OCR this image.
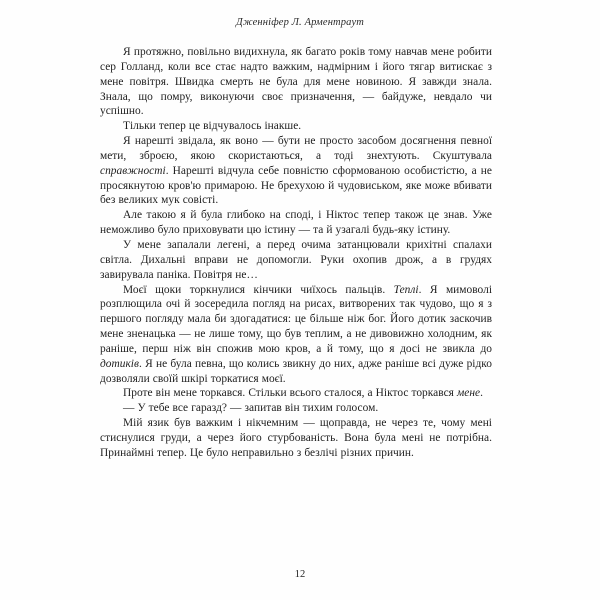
Дженніфер Л. Арментраут

Я протяжно, повільно видихнула, як багато років тому навчав мене робити сер Голланд, коли все стає надто важким, надмірним і його тягар витискає з мене повітря. Швидка смерть не була для мене новиною. Я завжди знала. Знала, що помру, виконуючи своє призначення, — байдуже, невдало чи успішно.

Тільки тепер це відчувалось інакше.

Я нарешті звідала, як воно — бути не просто засобом досягнення певної мети, зброєю, якою скористаються, а тоді знехтують. Скуштувала справжності. Нарешті відчула себе повністю сформованою особистістю, а не просякнутою кров'ю примарою. Не брехухою й чудовиськом, яке може вбивати без великих мук совісті.

Але такою я й була глибоко на споді, і Ніктос тепер також це знав. Уже неможливо було приховувати цю істину — та й узагалі будь-яку істину.

У мене запалали легені, а перед очима затанцювали крихітні спалахи світла. Дихальні вправи не допомогли. Руки охопив дрож, а в грудях завирувала паніка. Повітря не…

Моєї щоки торкнулися кінчики чиїхось пальців. Теплі. Я мимоволі розплющила очі й зосередила погляд на рисах, витворених так чудово, що я з першого погляду мала би здогадатися: це більше ніж бог. Його дотик заскочив мене зненацька — не лише тому, що був теплим, а не дивовижно холодним, як раніше, перш ніж він спожив мою кров, а й тому, що я досі не звикла до дотиків. Я не була певна, що колись звикну до них, адже раніше всі дуже рідко дозволяли своїй шкірі торкатися моєї.

Проте він мене торкався. Стільки всього сталося, а Ніктос торкався мене.

— У тебе все гаразд? — запитав він тихим голосом.

Мій язик був важким і нікчемним — щоправда, не через те, чому мені стиснулися груди, а через його стурбованість. Вона була мені не потрібна. Принаймні тепер. Це було неправильно з безлічі різних причин.

12
